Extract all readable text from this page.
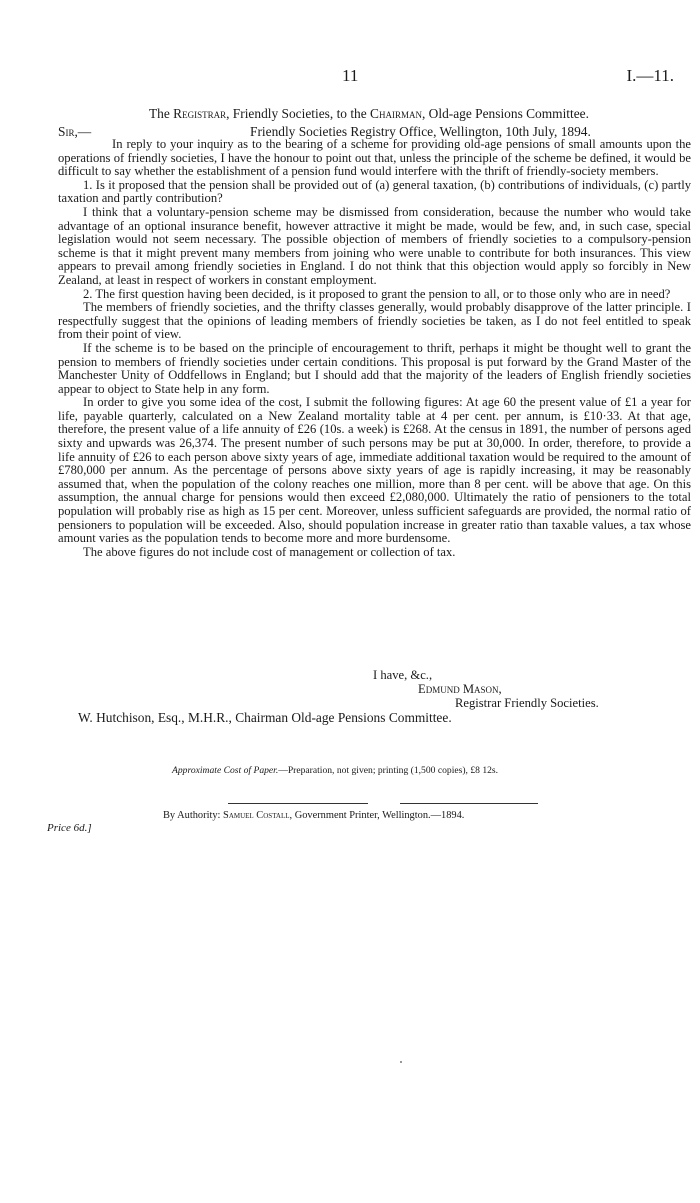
11	I.—11.
The Registrar, Friendly Societies, to the Chairman, Old-age Pensions Committee.
Sir,—	Friendly Societies Registry Office, Wellington, 10th July, 1894.

In reply to your inquiry as to the bearing of a scheme for providing old-age pensions of small amounts upon the operations of friendly societies, I have the honour to point out that, unless the principle of the scheme be defined, it would be difficult to say whether the establishment of a pension fund would interfere with the thrift of friendly-society members.

1. Is it proposed that the pension shall be provided out of (a) general taxation, (b) contributions of individuals, (c) partly taxation and partly contribution?

I think that a voluntary-pension scheme may be dismissed from consideration, because the number who would take advantage of an optional insurance benefit, however attractive it might be made, would be few, and, in such case, special legislation would not seem necessary. The possible objection of members of friendly societies to a compulsory-pension scheme is that it might prevent many members from joining who were unable to contribute for both insurances. This view appears to prevail among friendly societies in England. I do not think that this objection would apply so forcibly in New Zealand, at least in respect of workers in constant employment.

2. The first question having been decided, is it proposed to grant the pension to all, or to those only who are in need?

The members of friendly societies, and the thrifty classes generally, would probably disapprove of the latter principle. I respectfully suggest that the opinions of leading members of friendly societies be taken, as I do not feel entitled to speak from their point of view.

If the scheme is to be based on the principle of encouragement to thrift, perhaps it might be thought well to grant the pension to members of friendly societies under certain conditions. This proposal is put forward by the Grand Master of the Manchester Unity of Oddfellows in England; but I should add that the majority of the leaders of English friendly societies appear to object to State help in any form.

In order to give you some idea of the cost, I submit the following figures: At age 60 the present value of £1 a year for life, payable quarterly, calculated on a New Zealand mortality table at 4 per cent. per annum, is £10·33. At that age, therefore, the present value of a life annuity of £26 (10s. a week) is £268. At the census in 1891, the number of persons aged sixty and upwards was 26,374. The present number of such persons may be put at 30,000. In order, therefore, to provide a life annuity of £26 to each person above sixty years of age, immediate additional taxation would be required to the amount of £780,000 per annum. As the percentage of persons above sixty years of age is rapidly increasing, it may be reasonably assumed that, when the population of the colony reaches one million, more than 8 per cent. will be above that age. On this assumption, the annual charge for pensions would then exceed £2,080,000. Ultimately the ratio of pensioners to the total population will probably rise as high as 15 per cent. Moreover, unless sufficient safeguards are provided, the normal ratio of pensioners to population will be exceeded. Also, should population increase in greater ratio than taxable values, a tax whose amount varies as the population tends to become more and more burdensome.

The above figures do not include cost of management or collection of tax.

I have, &c.,
Edmund Mason,
Registrar Friendly Societies.
W. Hutchison, Esq., M.H.R., Chairman Old-age Pensions Committee.
Approximate Cost of Paper.—Preparation, not given; printing (1,500 copies), £8 12s.
By Authority: Samuel Costall, Government Printer, Wellington.—1894.
Price 6d.]
